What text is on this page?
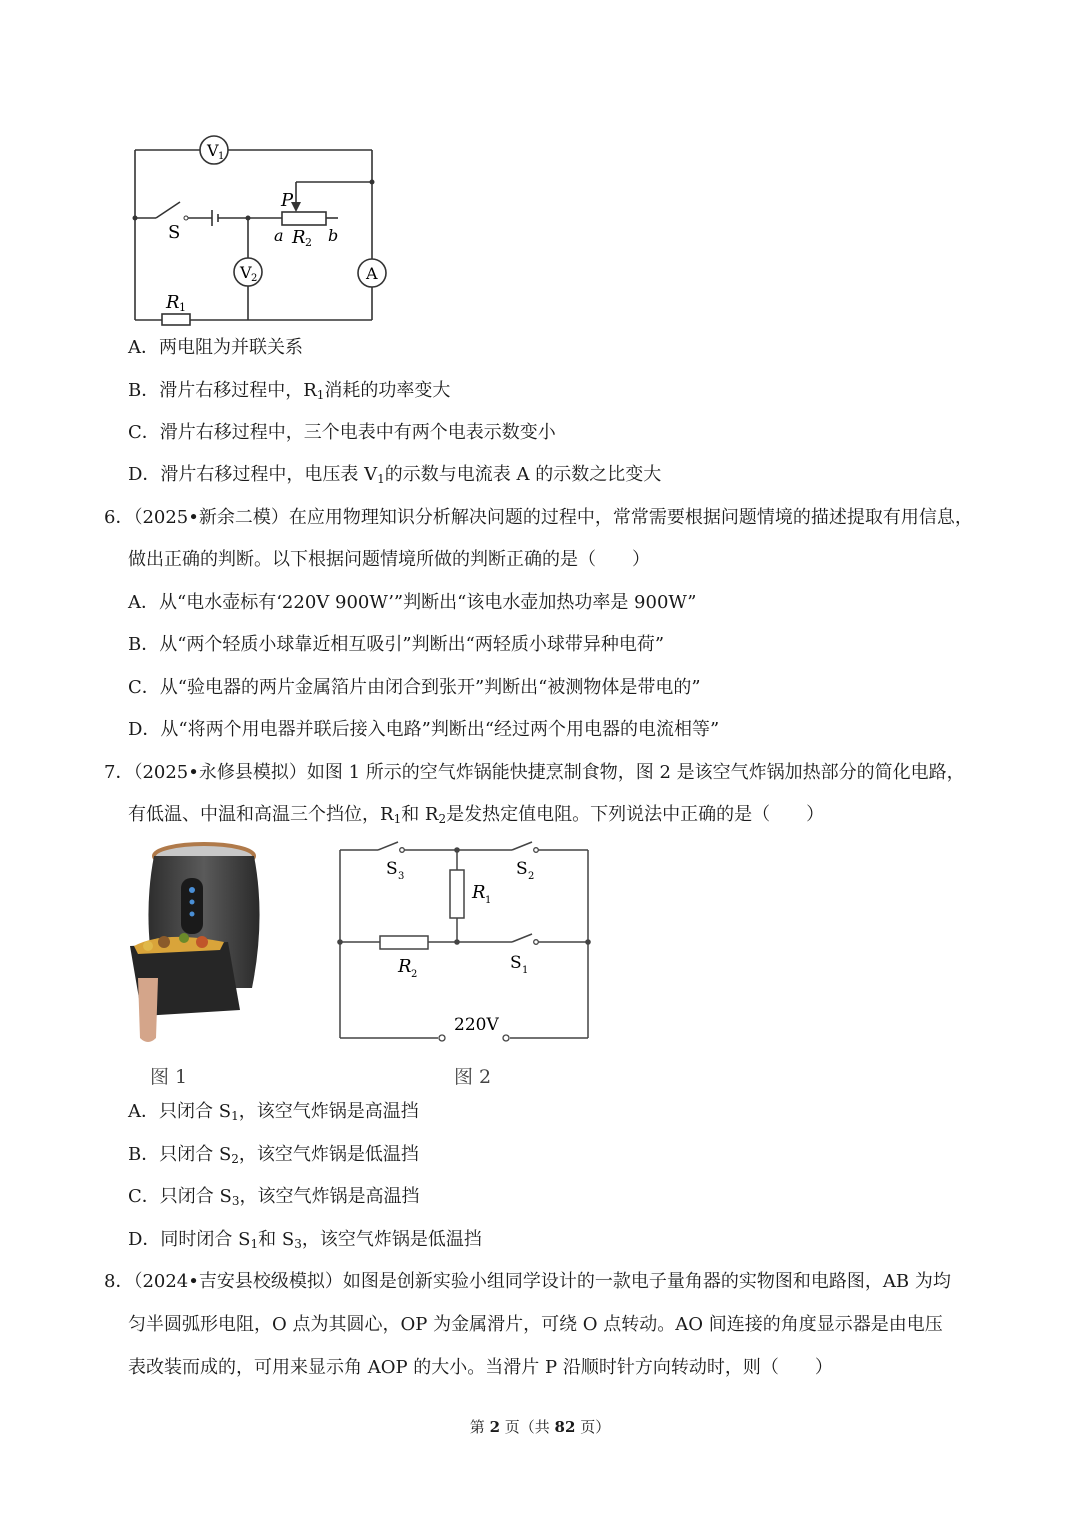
V 1
V 2	A
S
P
a R 2 b
R 1
A．两电阻为并联关系
B．滑片右移过程中，$R_1$消耗的功率变大
C．滑片右移过程中，三个电表中有两个电表示数变小
D．滑片右移过程中，电压表 $V_1$的示数与电流表 A 的示数之比变大
6．（2025•新余二模）在应用物理知识分析解决问题的过程中，常常需要根据问题情境的描述提取有用信息，
做出正确的判断。以下根据问题情境所做的判断正确的是（　　）
A．从“电水壶标有‘220V 900W’”判断出“该电水壶加热功率是 900W”
B．从“两个轻质小球靠近相互吸引”判断出“两轻质小球带异种电荷”
C．从“验电器的两片金属箔片由闭合到张开”判断出“被测物体是带电的”
D．从“将两个用电器并联后接入电路”判断出“经过两个用电器的电流相等”
7．（2025•永修县模拟）如图 1 所示的空气炸锅能快捷烹制食物，图 2 是该空气炸锅加热部分的简化电路，
有低温、中温和高温三个挡位，$R_1$和 $R_2$是发热定值电阻。下列说法中正确的是（　　）
S 3	S 2
R 1
R 2
S 1
220V
图 1	图 2
A．只闭合 $S_1$，该空气炸锅是高温挡
B．只闭合 $S_2$，该空气炸锅是低温挡
C．只闭合 $S_3$，该空气炸锅是高温挡
D．同时闭合 $S_1$和 $S_3$，该空气炸锅是低温挡
8．（2024•吉安县校级模拟）如图是创新实验小组同学设计的一款电子量角器的实物图和电路图，AB 为均
匀半圆弧形电阻，O 点为其圆心，OP 为金属滑片，可绕 O 点转动。AO 间连接的角度显示器是由电压
表改装而成的，可用来显示角 AOP 的大小。当滑片 P 沿顺时针方向转动时，则（　　）
第 2 页（共 82 页）
